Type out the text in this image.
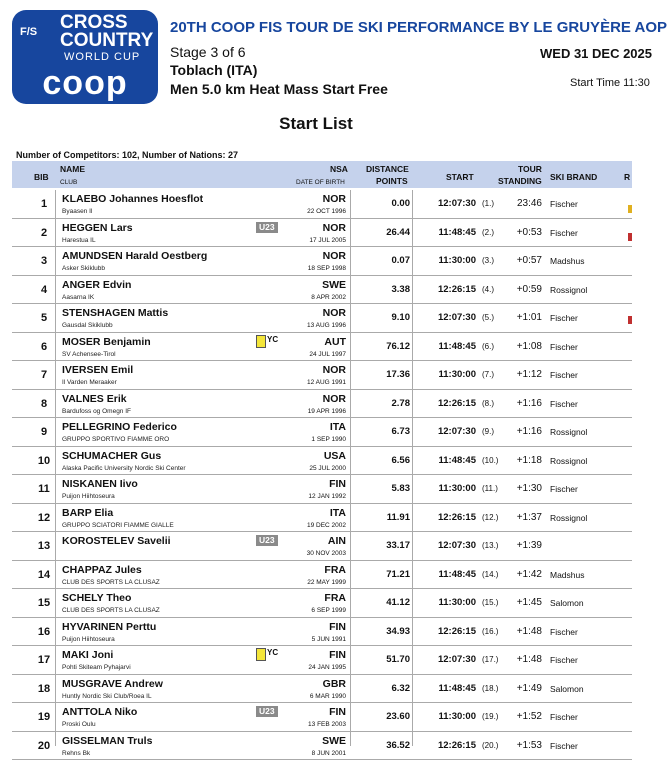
F/S CROSS
COUNTRY
WORLD CUP
coop
20TH COOP FIS TOUR DE SKI PERFORMANCE BY LE GRUYÈRE AOP
WED 31 DEC 2025
Stage 3 of 6
Toblach (ITA)
Men 5.0 km Heat Mass Start Free	Start Time 11:30
Start List
Number of Competitors: 102, Number of Nations: 27
BIB
NAME
CLUB
NSA
DATE OF BIRTH
DISTANCE
POINTS	START
TOUR
STANDING SKI BRAND	R
1	KLAEBO Johannes Hoesflot
Byaasen Il
NOR
22 OCT 1996
0.00	12:07:30 (1.)	23:46 Fischer
2	HEGGEN Lars
Harestua IL
U23	NOR
17 JUL 2005
26.44	11:48:45 (2.)	+0:53 Fischer
3	AMUNDSEN Harald Oestberg
Asker Skiklubb
NOR
18 SEP 1998
0.07	11:30:00 (3.)	+0:57 Madshus
4	ANGER Edvin
Aasarna IK
SWE
8 APR 2002
3.38	12:26:15 (4.)	+0:59 Rossignol
5	STENSHAGEN Mattis
Gausdal Skiklubb
NOR
13 AUG 1996
9.10	12:07:30 (5.)	+1:01 Fischer
6	MOSER Benjamin
SV Achensee-Tirol
YC	AUT
24 JUL 1997
76.12	11:48:45 (6.)	+1:08 Fischer
7	IVERSEN Emil
Il Varden Meraaker
NOR
12 AUG 1991
17.36	11:30:00 (7.)	+1:12 Fischer
8	VALNES Erik
Bardufoss og Omegn IF
NOR
19 APR 1996
2.78	12:26:15 (8.)	+1:16 Fischer
9	PELLEGRINO Federico
GRUPPO SPORTIVO FIAMME ORO
ITA
1 SEP 1990
6.73	12:07:30 (9.)	+1:16 Rossignol
10	SCHUMACHER Gus
Alaska Pacific University Nordic Ski Center
USA
25 JUL 2000
6.56	11:48:45 (10.)	+1:18 Rossignol
11	NISKANEN Iivo
Puijon Hiihtoseura
FIN
12 JAN 1992
5.83	11:30:00 (11.)	+1:30 Fischer
12	BARP Elia
GRUPPO SCIATORI FIAMME GIALLE
ITA
19 DEC 2002
11.91	12:26:15 (12.)	+1:37 Rossignol
13	KOROSTELEV Savelii	U23	AIN
30 NOV 2003
33.17	12:07:30 (13.)	+1:39
14	CHAPPAZ Jules
CLUB DES SPORTS LA CLUSAZ
FRA
22 MAY 1999
71.21	11:48:45 (14.)	+1:42 Madshus
15	SCHELY Theo
CLUB DES SPORTS LA CLUSAZ
FRA
6 SEP 1999
41.12	11:30:00 (15.)	+1:45 Salomon
16	HYVARINEN Perttu
Puijon Hiihtoseura
FIN
5 JUN 1991
34.93	12:26:15 (16.)	+1:48 Fischer
17	MAKI Joni
Pohti Skiteam Pyhajarvi
YC	FIN
24 JAN 1995
51.70	12:07:30 (17.)	+1:48 Fischer
18	MUSGRAVE Andrew
Huntly Nordic Ski Club/Roea IL
GBR
6 MAR 1990
6.32	11:48:45 (18.)	+1:49 Salomon
19	ANTTOLA Niko
Proski Oulu
U23	FIN
13 FEB 2003
23.60	11:30:00 (19.)	+1:52 Fischer
20	GISSELMAN Truls
Rehns Bk
SWE
8 JUN 2001
36.52	12:26:15 (20.)	+1:53 Fischer
